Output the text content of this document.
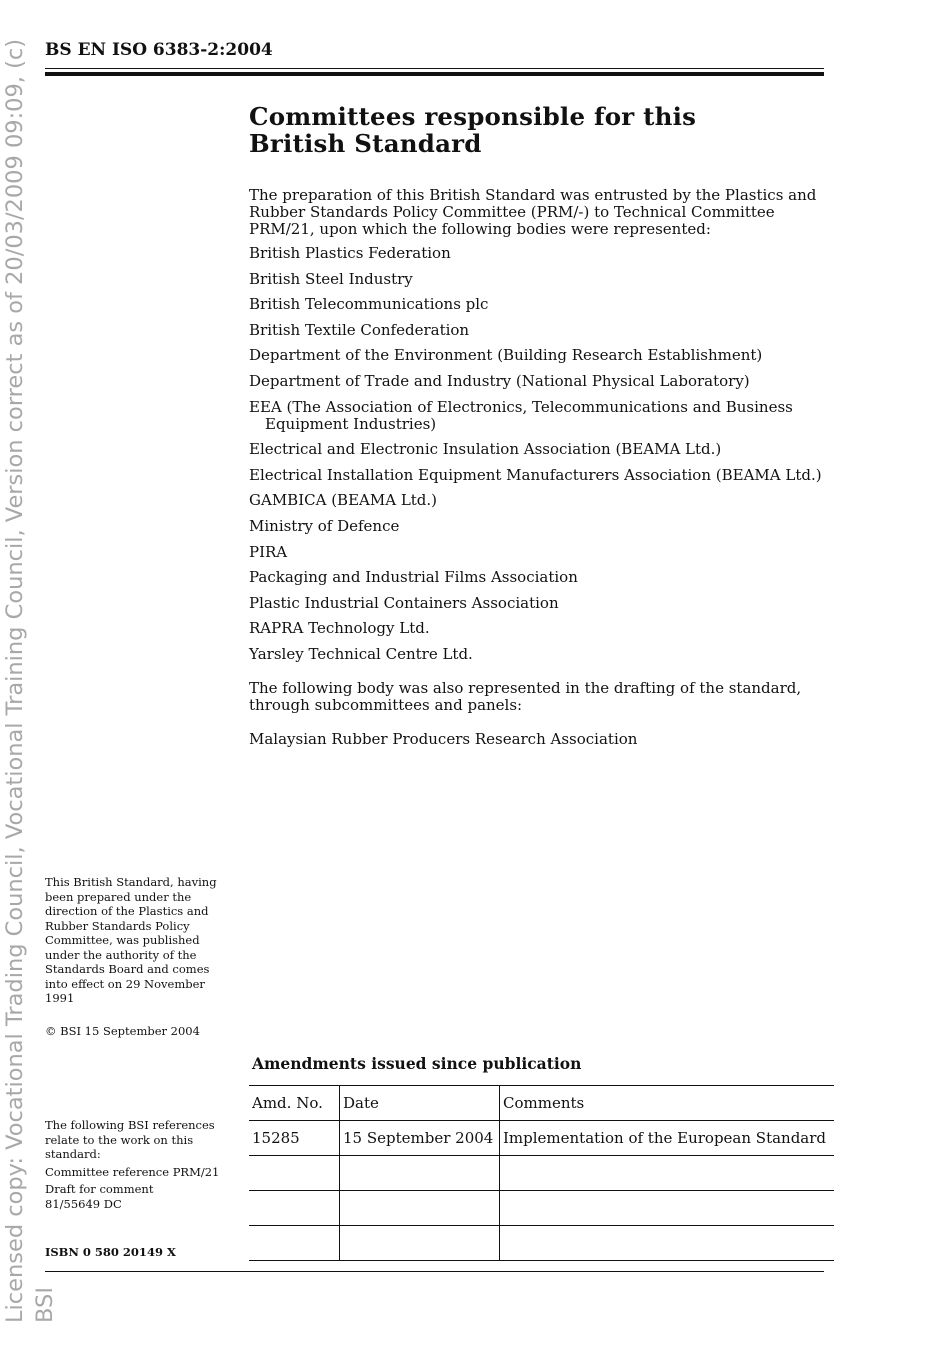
Licensed copy: Vocational Trading Council, Vocational Training Council, Version correct as of 20/03/2009 09:09, (c) BSI
BS EN ISO 6383-2:2004
Committees responsible for this
British Standard

The preparation of this British Standard was entrusted by the Plastics and Rubber Standards Policy Committee (PRM/-) to Technical Committee PRM/21, upon which the following bodies were represented:

British Plastics Federation
British Steel Industry
British Telecommunications plc
British Textile Confederation
Department of the Environment (Building Research Establishment)
Department of Trade and Industry (National Physical Laboratory)
EEA (The Association of Electronics, Telecommunications and Business Equipment Industries)
Electrical and Electronic Insulation Association (BEAMA Ltd.)
Electrical Installation Equipment Manufacturers Association (BEAMA Ltd.)
GAMBICA (BEAMA Ltd.)
Ministry of Defence
PIRA
Packaging and Industrial Films Association
Plastic Industrial Containers Association
RAPRA Technology Ltd.
Yarsley Technical Centre Ltd.

The following body was also represented in the drafting of the standard, through subcommittees and panels:

Malaysian Rubber Producers Research Association

This British Standard, having been prepared under the direction of the Plastics and Rubber Standards Policy Committee, was published under the authority of the Standards Board and comes into effect on 29 November 1991
© BSI 15 September 2004

The following BSI references relate to the work on this standard:

Committee reference PRM/21

Draft for comment

81/55649 DC

ISBN 0 580 20149 X
Amendments issued since publication
Amd. No.	Date	Comments
15285	15 September 2004	Implementation of the European Standard
